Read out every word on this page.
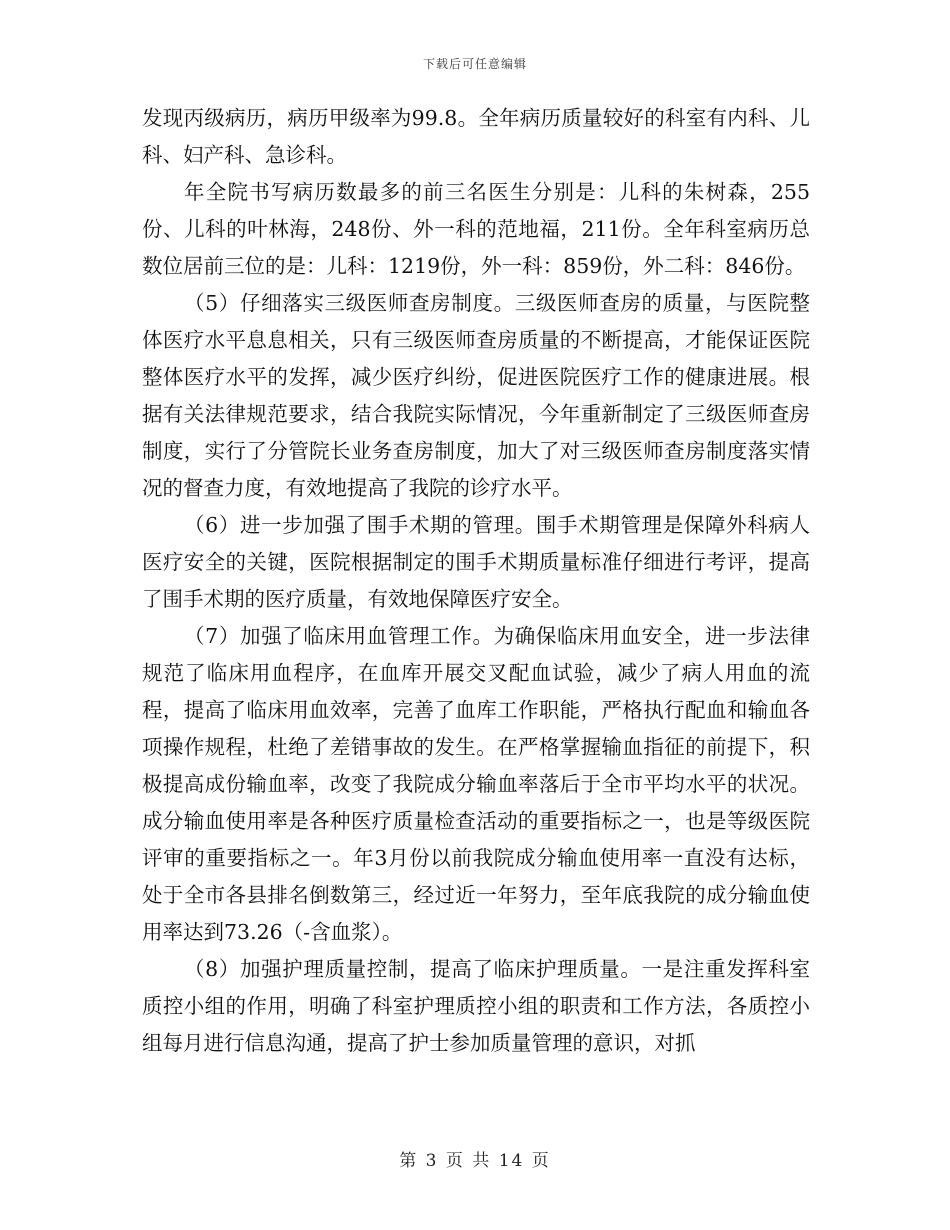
下载后可任意编辑

发现丙级病历，病历甲级率为99.8。全年病历质量较好的科室有内科、儿科、妇产科、急诊科。

年全院书写病历数最多的前三名医生分别是：儿科的朱树森，255份、儿科的叶林海，248份、外一科的范地福，211份。全年科室病历总数位居前三位的是：儿科：1219份，外一科：859份，外二科：846份。

（5）仔细落实三级医师查房制度。三级医师查房的质量，与医院整体医疗水平息息相关，只有三级医师查房质量的不断提高，才能保证医院整体医疗水平的发挥，减少医疗纠纷，促进医院医疗工作的健康进展。根据有关法律规范要求，结合我院实际情况，今年重新制定了三级医师查房制度，实行了分管院长业务查房制度，加大了对三级医师查房制度落实情况的督查力度，有效地提高了我院的诊疗水平。

（6）进一步加强了围手术期的管理。围手术期管理是保障外科病人医疗安全的关键，医院根据制定的围手术期质量标准仔细进行考评，提高了围手术期的医疗质量，有效地保障医疗安全。

（7）加强了临床用血管理工作。为确保临床用血安全，进一步法律规范了临床用血程序，在血库开展交叉配血试验，减少了病人用血的流程，提高了临床用血效率，完善了血库工作职能，严格执行配血和输血各项操作规程，杜绝了差错事故的发生。在严格掌握输血指征的前提下，积极提高成份输血率，改变了我院成分输血率落后于全市平均水平的状况。成分输血使用率是各种医疗质量检查活动的重要指标之一，也是等级医院评审的重要指标之一。年3月份以前我院成分输血使用率一直没有达标，处于全市各县排名倒数第三，经过近一年努力，至年底我院的成分输血使用率达到73.26（-含血浆）。

（8）加强护理质量控制，提高了临床护理质量。一是注重发挥科室质控小组的作用，明确了科室护理质控小组的职责和工作方法，各质控小组每月进行信息沟通，提高了护士参加质量管理的意识，对抓

第 3 页 共 14 页
